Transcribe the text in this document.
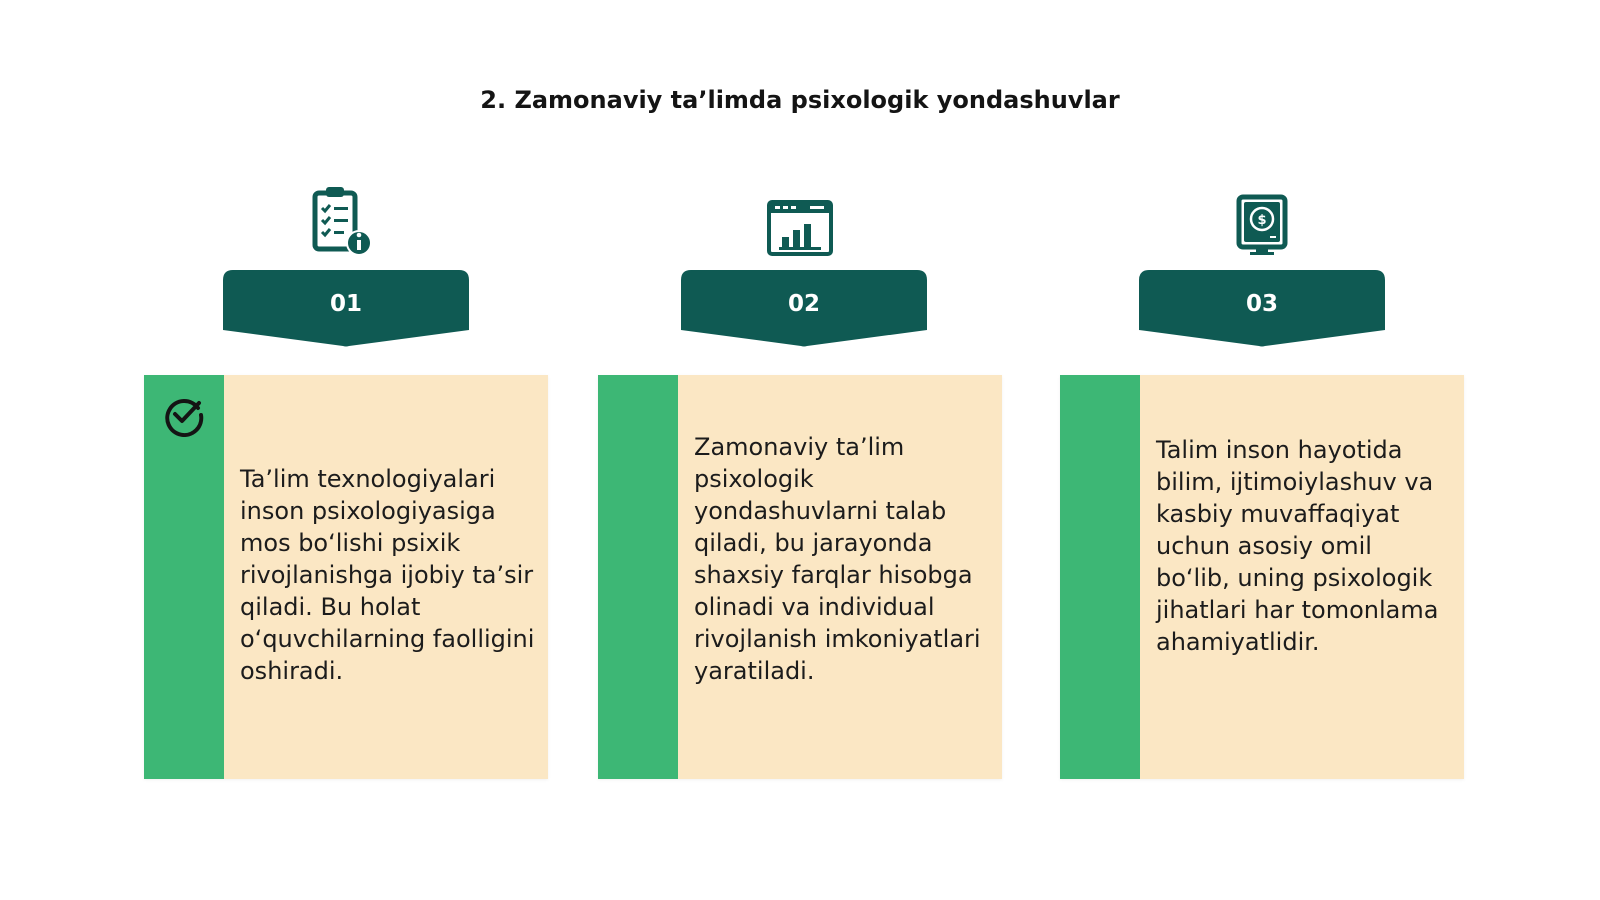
2. Zamonaviy ta’limda psixologik yondashuvlar
$
01	02	03

Ta’lim texnologiyalari inson psixologiyasiga mos bo‘lishi psixik rivojlanishga ijobiy ta’sir qiladi. Bu holat o‘quvchilarning faolligini oshiradi.

Zamonaviy ta’lim psixologik yondashuvlarni talab qiladi, bu jarayonda shaxsiy farqlar hisobga olinadi va individual rivojlanish imkoniyatlari yaratiladi.

Talim inson hayotida bilim, ijtimoiylashuv va kasbiy muvaffaqiyat uchun asosiy omil bo‘lib, uning psixologik jihatlari har tomonlama ahamiyatlidir.
